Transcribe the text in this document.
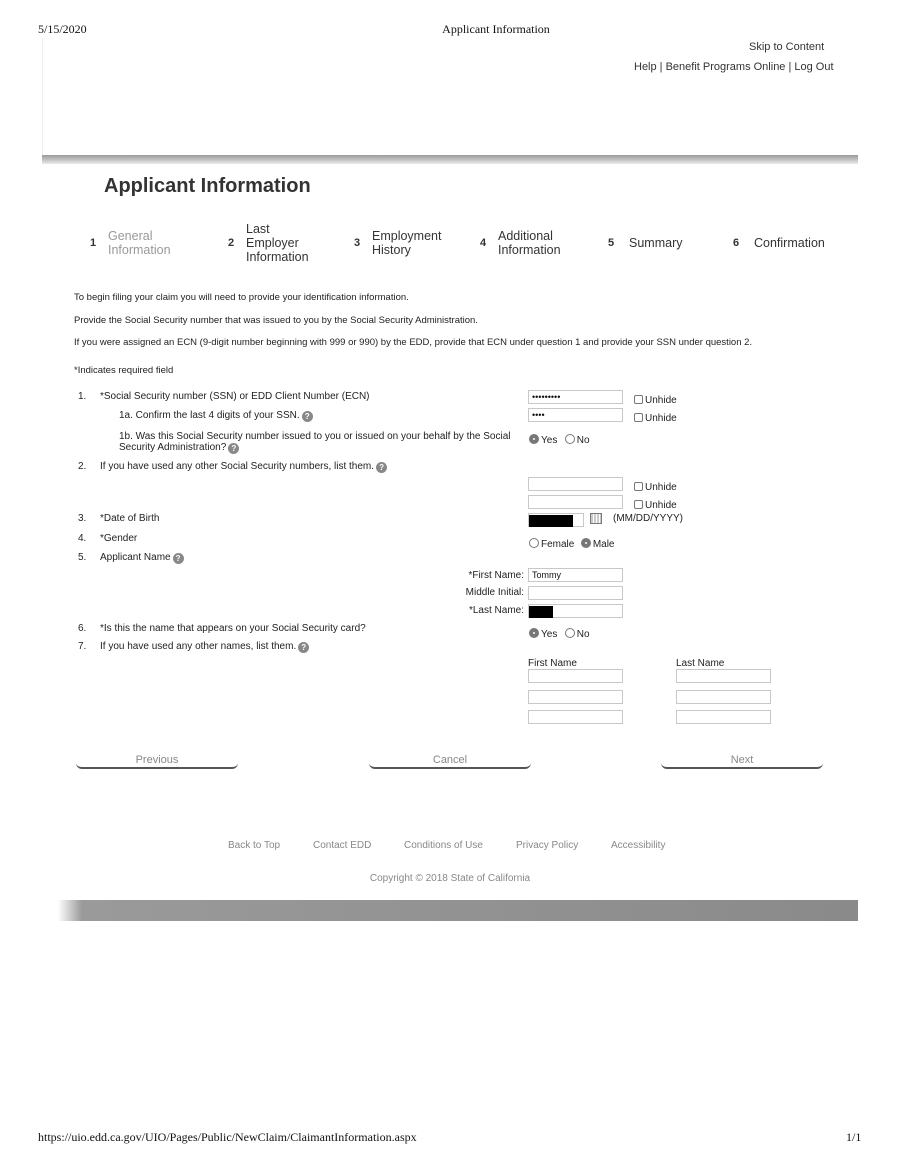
5/15/2020	Applicant Information
Skip to Content
Help | Benefit Programs Online | Log Out
Applicant Information
1 General Information	2
Last Employer Information
3 Employment History	4 Additional Information	5	Summary	6	Confirmation

To begin filing your claim you will need to provide your identification information.

Provide the Social Security number that was issued to you by the Social Security Administration.

If you were assigned an ECN (9-digit number beginning with 999 or 990) by the EDD, provide that ECN under question 1 and provide your SSN under question 2.

*Indicates required field

1. *Social Security number (SSN) or EDD Client Number (ECN)	•••••••••	Unhide
1a. Confirm the last 4 digits of your SSN. ?	••••	Unhide
1b. Was this Social Security number issued to you or issued on your behalf by the Social Security Administration? ?
Yes No
2. If you have used any other Social Security numbers, list them. ?
Unhide
Unhide
3. *Date of Birth	(MM/DD/YYYY)
4. *Gender
Female Male
5. Applicant Name ?
*First Name: Tommy
Middle Initial:
*Last Name:
6. *Is this the name that appears on your Social Security card?
Yes No
7. If you have used any other names, list them. ?
First Name	Last Name
Previous	Cancel	Next
Back to Top	Contact EDD	Conditions of Use	Privacy Policy	Accessibility
Copyright © 2018 State of California
https://uio.edd.ca.gov/UIO/Pages/Public/NewClaim/ClaimantInformation.aspx	1/1
